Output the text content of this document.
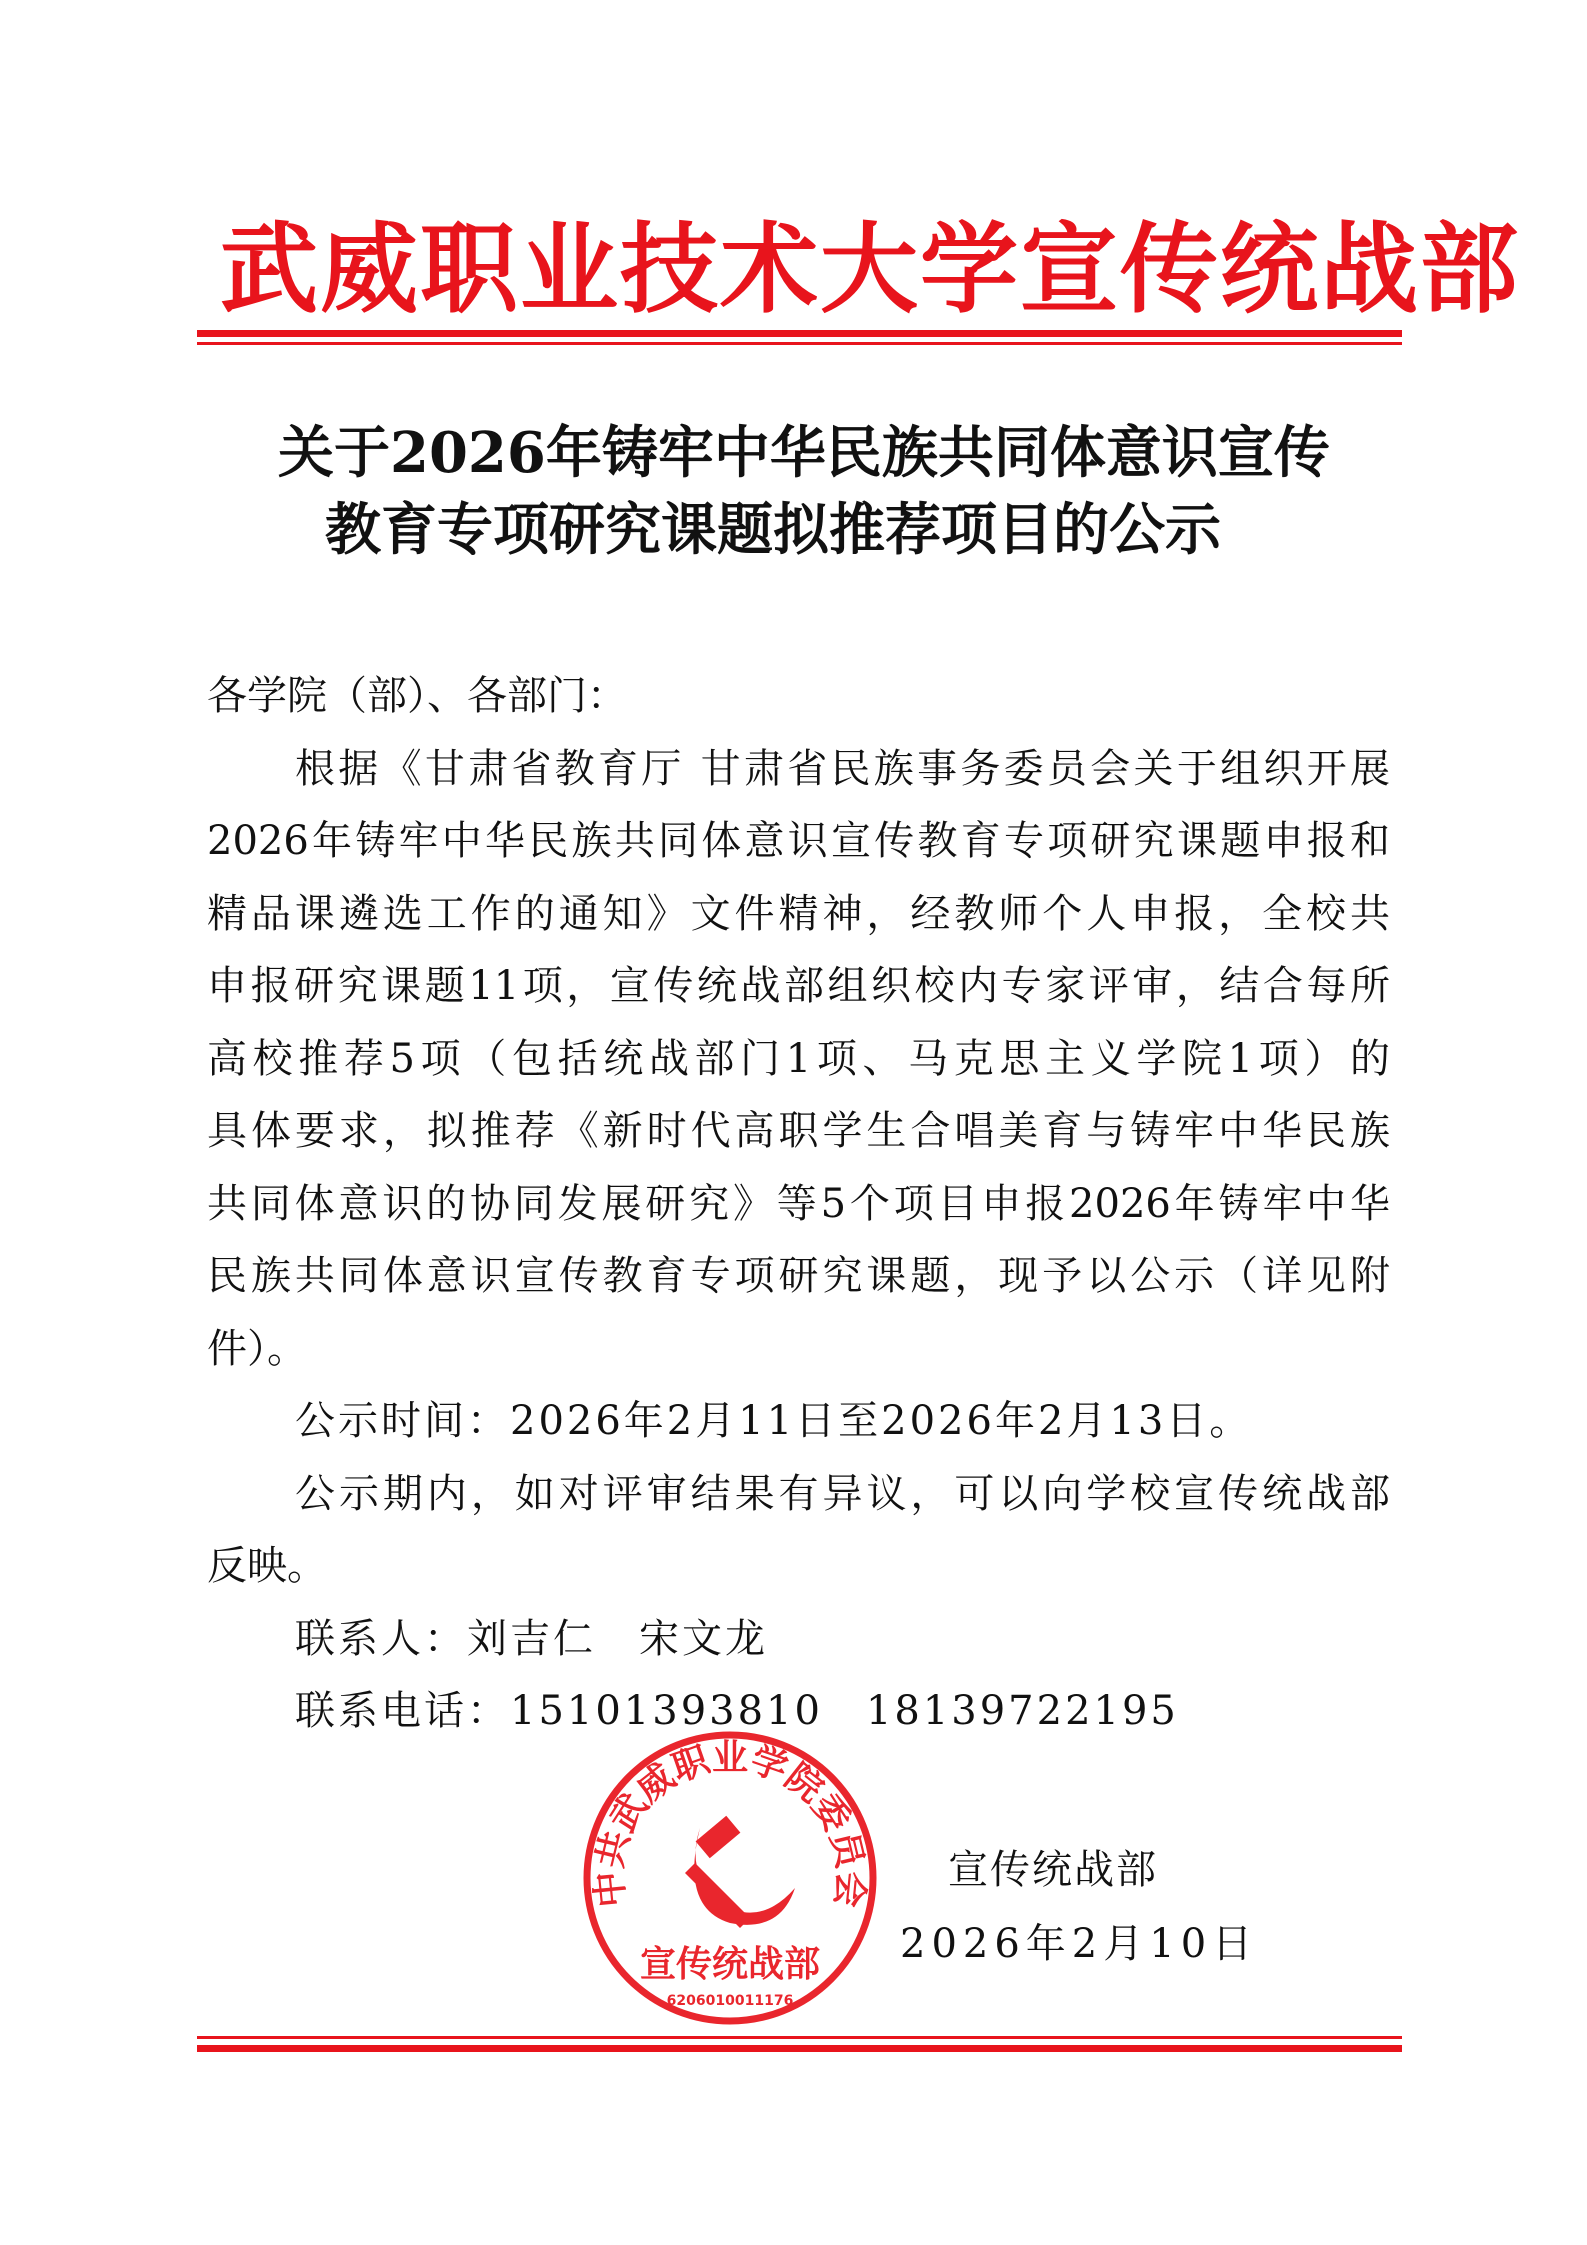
武威职业技术大学宣传统战部
关于2026年铸牢中华民族共同体意识宣传
教育专项研究课题拟推荐项目的公示
各学院（部）、各部门：
根据《甘肃省教育厅 甘肃省民族事务委员会关于组织开展
2026年铸牢中华民族共同体意识宣传教育专项研究课题申报和
精品课遴选工作的通知》文件精神，经教师个人申报，全校共
申报研究课题11项，宣传统战部组织校内专家评审，结合每所
高校推荐5项（包括统战部门1项、马克思主义学院1项）的
具体要求，拟推荐《新时代高职学生合唱美育与铸牢中华民族
共同体意识的协同发展研究》等5个项目申报2026年铸牢中华
民族共同体意识宣传教育专项研究课题，现予以公示（详见附
件）。
公示时间：2026年2月11日至2026年2月13日。
公示期内，如对评审结果有异议，可以向学校宣传统战部
反映。
联系人：刘吉仁　宋文龙
联系电话：15101393810　18139722195
中共武威职业学院委员会
宣传统战部
6206010011176
宣传统战部
2026年2月10日
